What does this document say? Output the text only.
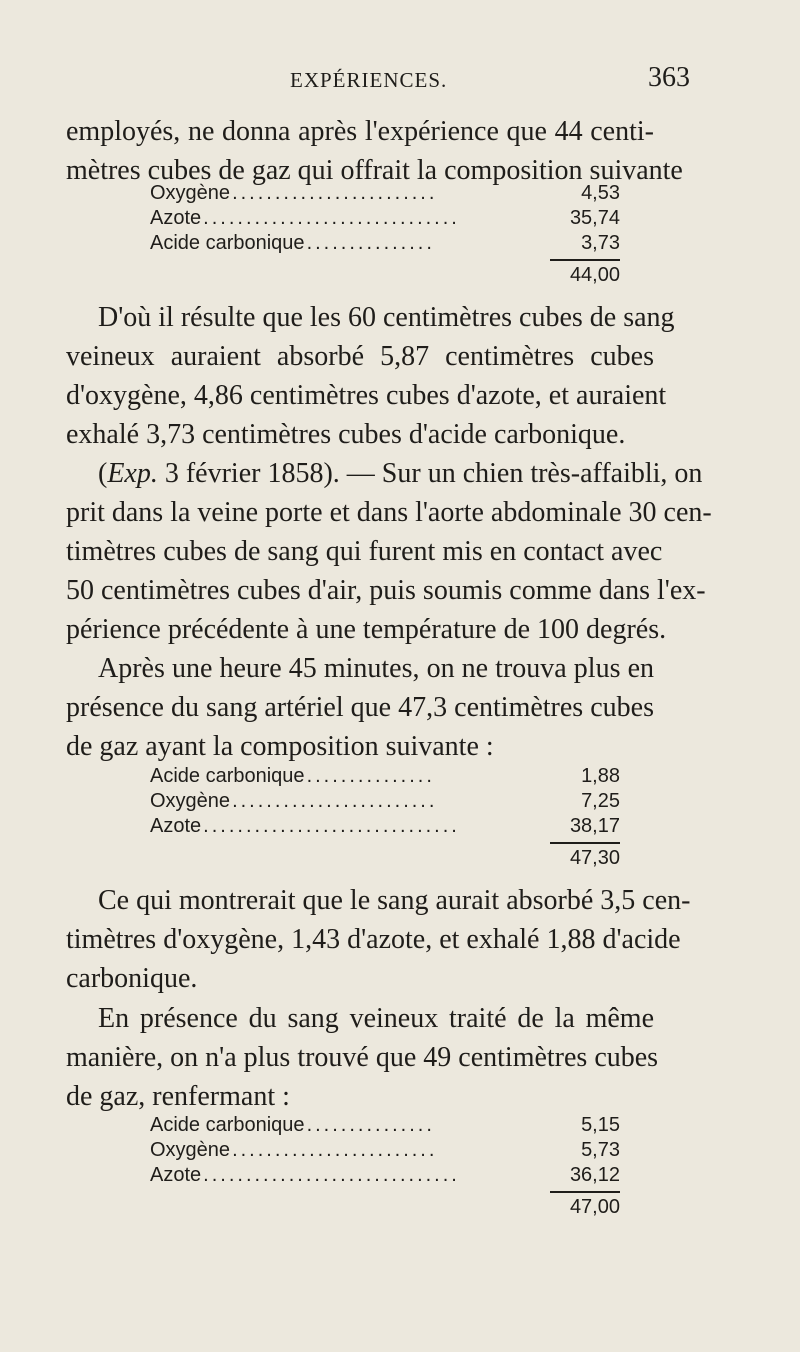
EXPÉRIENCES.	363
employés, ne donna après l'expérience que 44 centi-
mètres cubes de gaz qui offrait la composition suivante
Oxygène ........................	4,53
Azote ..............................	35,74
Acide carbonique ...............	3,73
44,00
D'où il résulte que les 60 centimètres cubes de sang
veineux auraient absorbé 5,87 centimètres cubes
d'oxygène, 4,86 centimètres cubes d'azote, et auraient
exhalé 3,73 centimètres cubes d'acide carbonique.
(Exp. 3 février 1858). — Sur un chien très-affaibli, on
prit dans la veine porte et dans l'aorte abdominale 30 cen-
timètres cubes de sang qui furent mis en contact avec
50 centimètres cubes d'air, puis soumis comme dans l'ex-
périence précédente à une température de 100 degrés.
Après une heure 45 minutes, on ne trouva plus en
présence du sang artériel que 47,3 centimètres cubes
de gaz ayant la composition suivante :
Acide carbonique ...............	1,88
Oxygène ........................	7,25
Azote ..............................	38,17
47,30
Ce qui montrerait que le sang aurait absorbé 3,5 cen-
timètres d'oxygène, 1,43 d'azote, et exhalé 1,88 d'acide
carbonique.
En présence du sang veineux traité de la même
manière, on n'a plus trouvé que 49 centimètres cubes
de gaz, renfermant :
Acide carbonique ...............	5,15
Oxygène ........................	5,73
Azote ..............................	36,12
47,00
